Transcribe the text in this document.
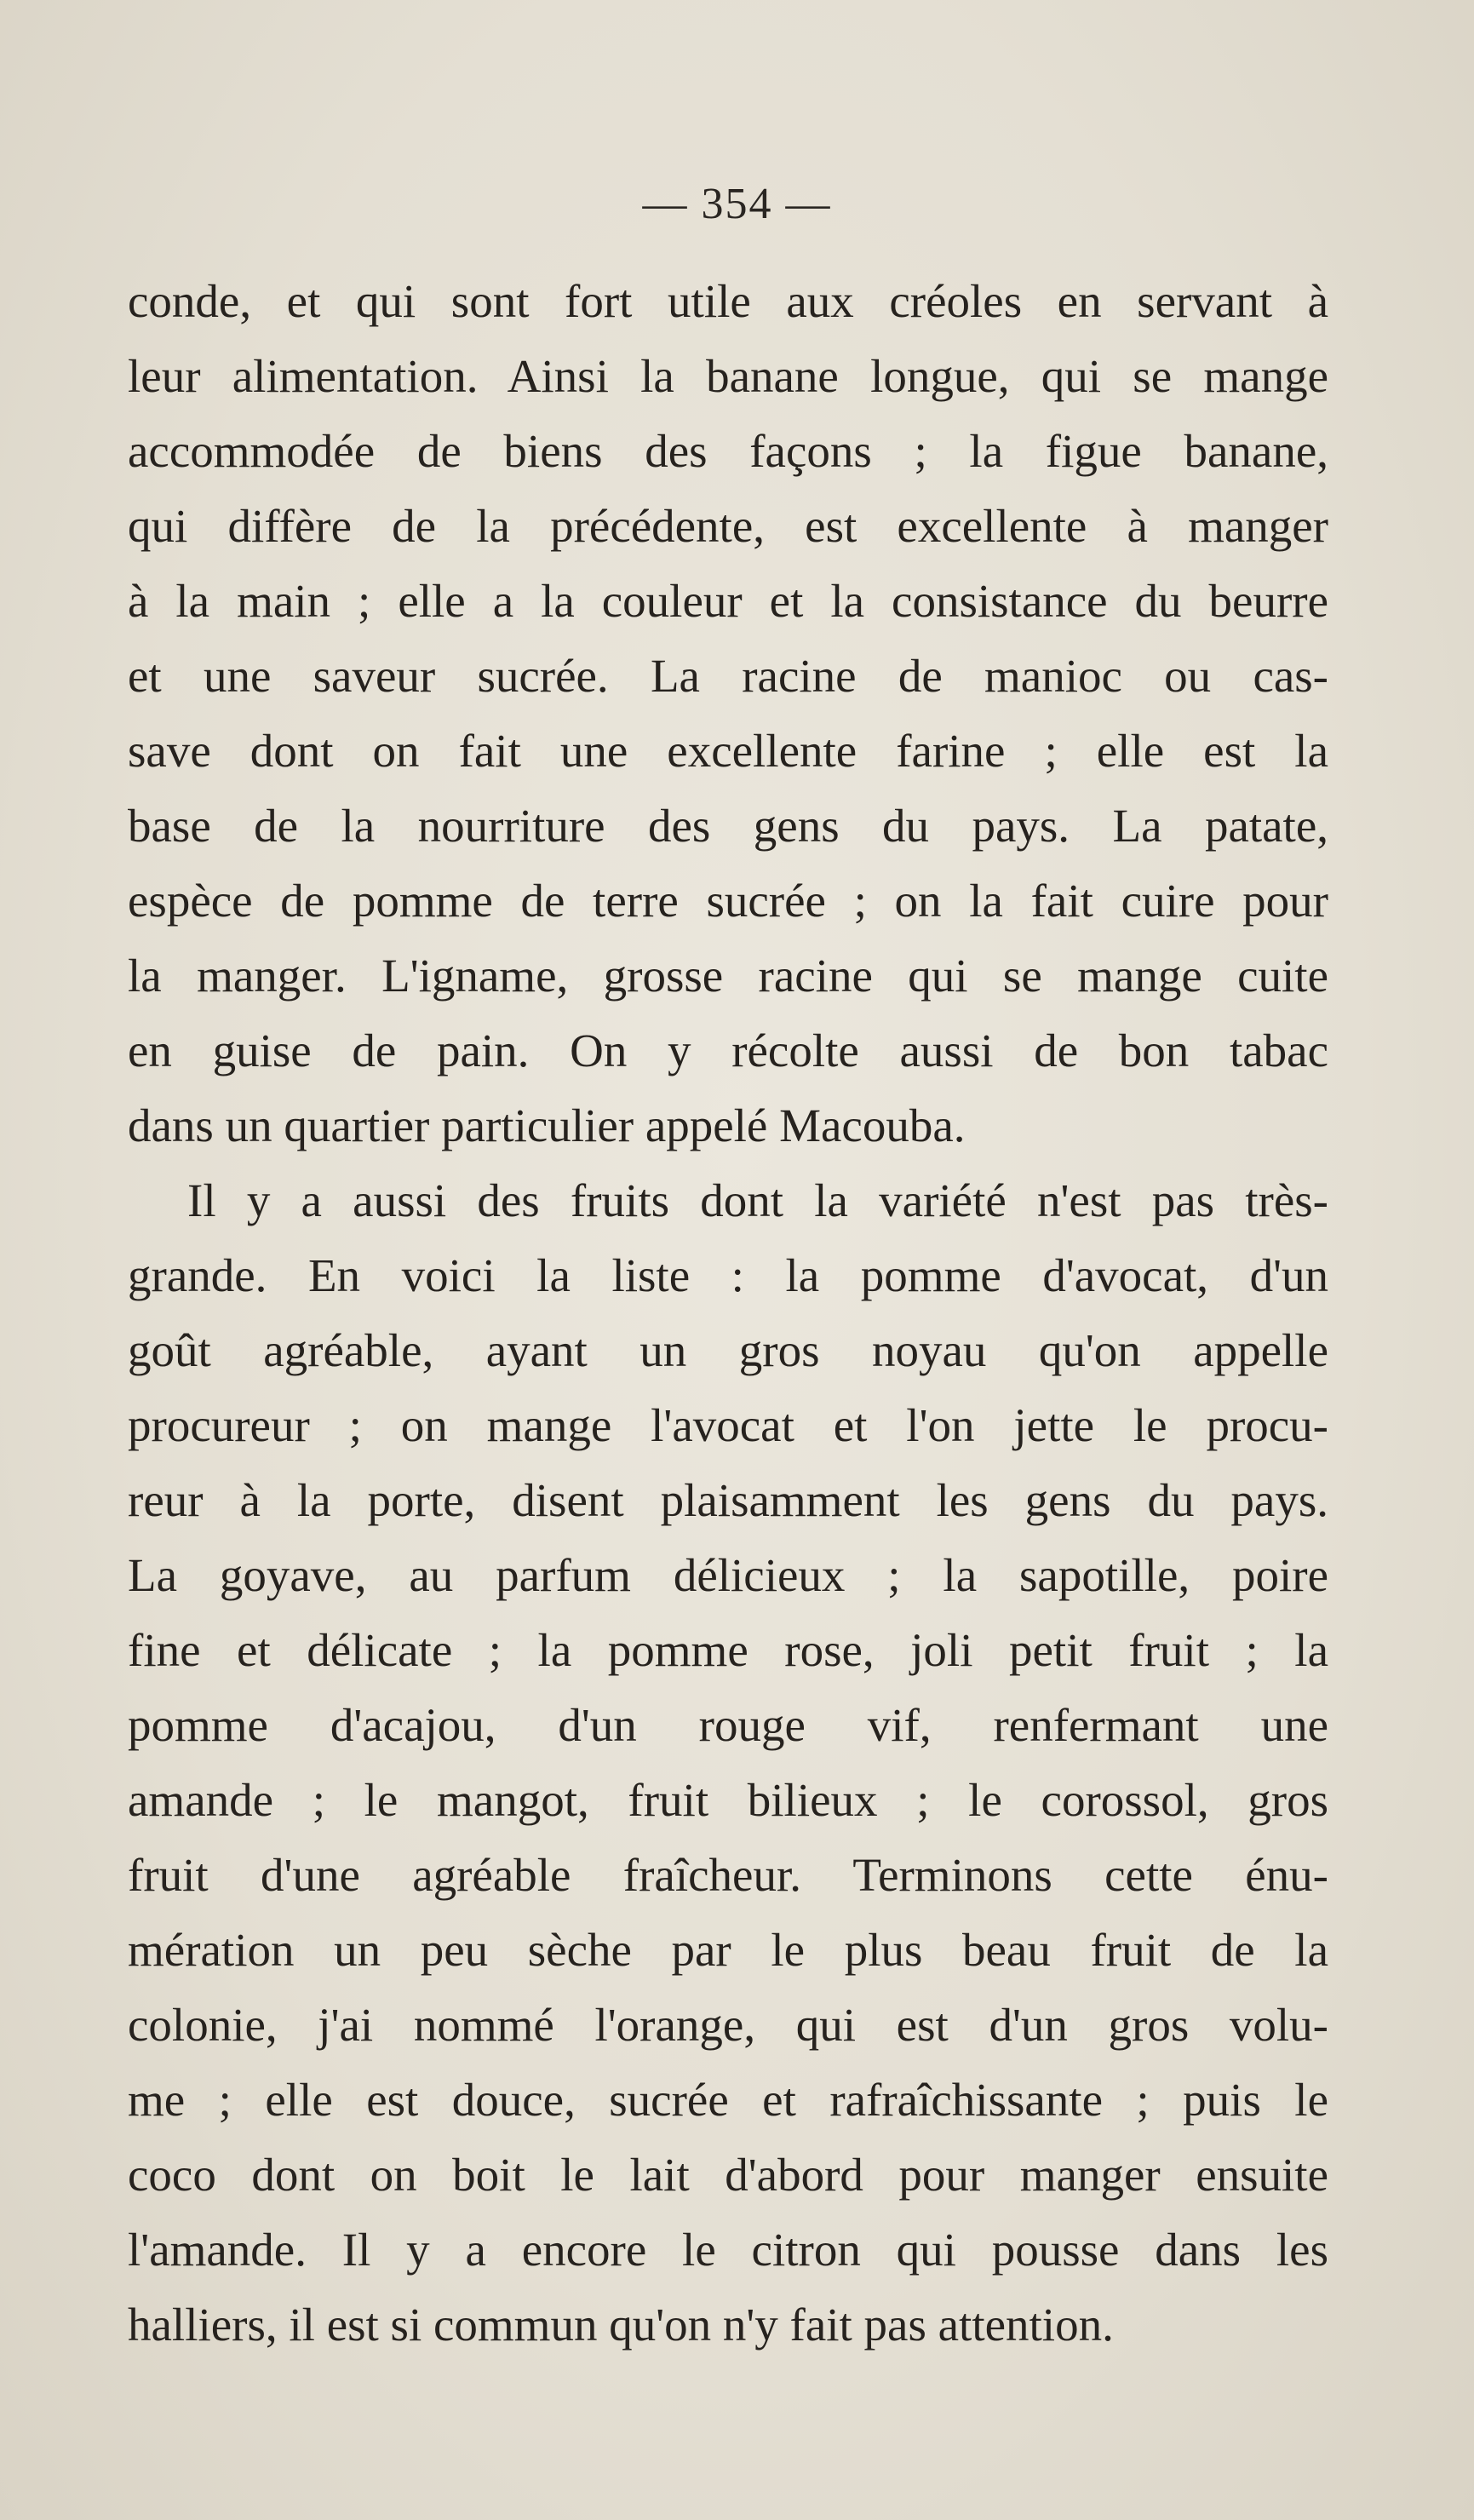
— 354 —
conde, et qui sont fort utile aux créoles en servant à
leur alimentation. Ainsi la banane longue, qui se mange
accommodée de biens des façons ; la figue banane,
qui diffère de la précédente, est excellente à manger
à la main ; elle a la couleur et la consistance du beurre
et une saveur sucrée. La racine de manioc ou cas-
save dont on fait une excellente farine ; elle est la
base de la nourriture des gens du pays. La patate,
espèce de pomme de terre sucrée ; on la fait cuire pour
la manger. L'igname, grosse racine qui se mange cuite
en guise de pain. On y récolte aussi de bon tabac
dans un quartier particulier appelé Macouba.
Il y a aussi des fruits dont la variété n'est pas très-
grande. En voici la liste : la pomme d'avocat, d'un
goût agréable, ayant un gros noyau qu'on appelle
procureur ; on mange l'avocat et l'on jette le procu-
reur à la porte, disent plaisamment les gens du pays.
La goyave, au parfum délicieux ; la sapotille, poire
fine et délicate ; la pomme rose, joli petit fruit ; la
pomme d'acajou, d'un rouge vif, renfermant une
amande ; le mangot, fruit bilieux ; le corossol, gros
fruit d'une agréable fraîcheur. Terminons cette énu-
mération un peu sèche par le plus beau fruit de la
colonie, j'ai nommé l'orange, qui est d'un gros volu-
me ; elle est douce, sucrée et rafraîchissante ; puis le
coco dont on boit le lait d'abord pour manger ensuite
l'amande. Il y a encore le citron qui pousse dans les
halliers, il est si commun qu'on n'y fait pas attention.
